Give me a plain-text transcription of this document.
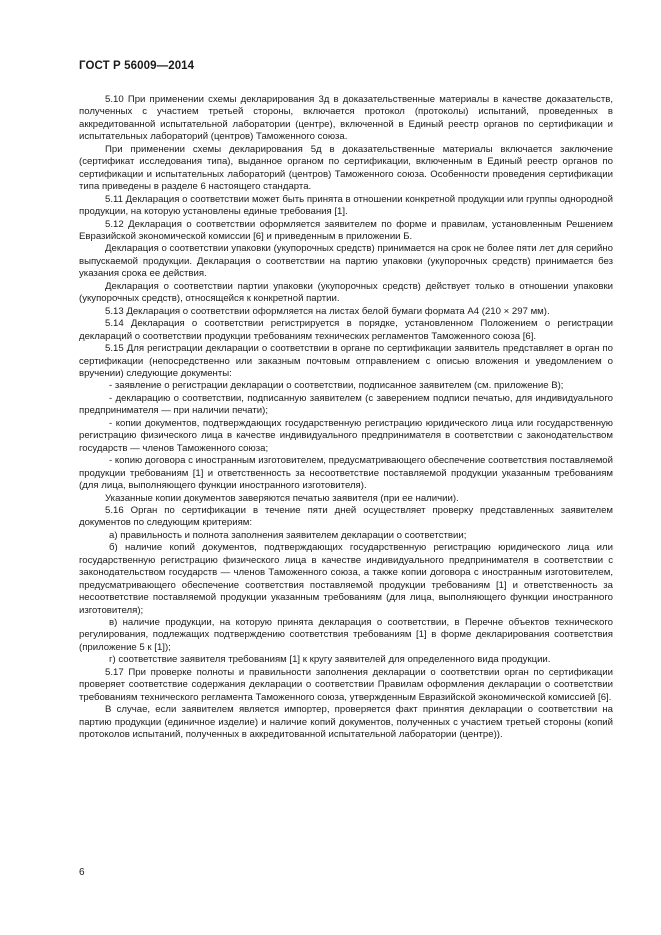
ГОСТ Р 56009—2014

5.10 При применении схемы декларирования 3д в доказательственные материалы в качестве доказательств, полученных с участием третьей стороны, включается протокол (протоколы) испытаний, проведенных в аккредитованной испытательной лаборатории (центре), включенной в Единый реестр органов по сертификации и испытательных лабораторий (центров) Таможенного союза.

При применении схемы декларирования 5д в доказательственные материалы включается заключение (сертификат исследования типа), выданное органом по сертификации, включенным в Единый реестр органов по сертификации и испытательных лабораторий (центров) Таможенного союза. Особенности проведения сертификации типа приведены в разделе 6 настоящего стандарта.

5.11 Декларация о соответствии может быть принята в отношении конкретной продукции или группы однородной продукции, на которую установлены единые требования [1].

5.12 Декларация о соответствии оформляется заявителем по форме и правилам, установленным Решением Евразийской экономической комиссии [6] и приведенным в приложении Б.

Декларация о соответствии упаковки (укупорочных средств) принимается на срок не более пяти лет для серийно выпускаемой продукции. Декларация о соответствии на партию упаковки (укупорочных средств) принимается без указания срока ее действия.

Декларация о соответствии партии упаковки (укупорочных средств) действует только в отношении упаковки (укупорочных средств), относящейся к конкретной партии.

5.13 Декларация о соответствии оформляется на листах белой бумаги формата А4 (210 × 297 мм).

5.14 Декларация о соответствии регистрируется в порядке, установленном Положением о регистрации деклараций о соответствии продукции требованиям технических регламентов Таможенного союза [6].

5.15 Для регистрации декларации о соответствии в органе по сертификации заявитель представляет в орган по сертификации (непосредственно или заказным почтовым отправлением с описью вложения и уведомлением о вручении) следующие документы:

- заявление о регистрации декларации о соответствии, подписанное заявителем (см. приложение В);

- декларацию о соответствии, подписанную заявителем (с заверением подписи печатью, для индивидуального предпринимателя — при наличии печати);

- копии документов, подтверждающих государственную регистрацию юридического лица или государственную регистрацию физического лица в качестве индивидуального предпринимателя в соответствии с законодательством государств — членов Таможенного союза;

- копию договора с иностранным изготовителем, предусматривающего обеспечение соответствия поставляемой продукции требованиям [1] и ответственность за несоответствие поставляемой продукции указанным требованиям (для лица, выполняющего функции иностранного изготовителя).

Указанные копии документов заверяются печатью заявителя (при ее наличии).

5.16 Орган по сертификации в течение пяти дней осуществляет проверку представленных заявителем документов по следующим критериям:

а) правильность и полнота заполнения заявителем декларации о соответствии;

б) наличие копий документов, подтверждающих государственную регистрацию юридического лица или государственную регистрацию физического лица в качестве индивидуального предпринимателя в соответствии с законодательством государств — членов Таможенного союза, а также копии договора с иностранным изготовителем, предусматривающего обеспечение соответствия поставляемой продукции требованиям [1] и ответственность за несоответствие поставляемой продукции указанным требованиям (для лица, выполняющего функции иностранного изготовителя);

в) наличие продукции, на которую принята декларация о соответствии, в Перечне объектов технического регулирования, подлежащих подтверждению соответствия требованиям [1] в форме декларирования соответствия (приложение 5 к [1]);

г) соответствие заявителя требованиям [1] к кругу заявителей для определенного вида продукции.

5.17 При проверке полноты и правильности заполнения декларации о соответствии орган по сертификации проверяет соответствие содержания декларации о соответствии Правилам оформления декларации о соответствии требованиям технического регламента Таможенного союза, утвержденным Евразийской экономической комиссией [6].

В случае, если заявителем является импортер, проверяется факт принятия декларации о соответствии на партию продукции (единичное изделие) и наличие копий документов, полученных с участием третьей стороны (копий протоколов испытаний, полученных в аккредитованной испытательной лаборатории (центре)).

6
